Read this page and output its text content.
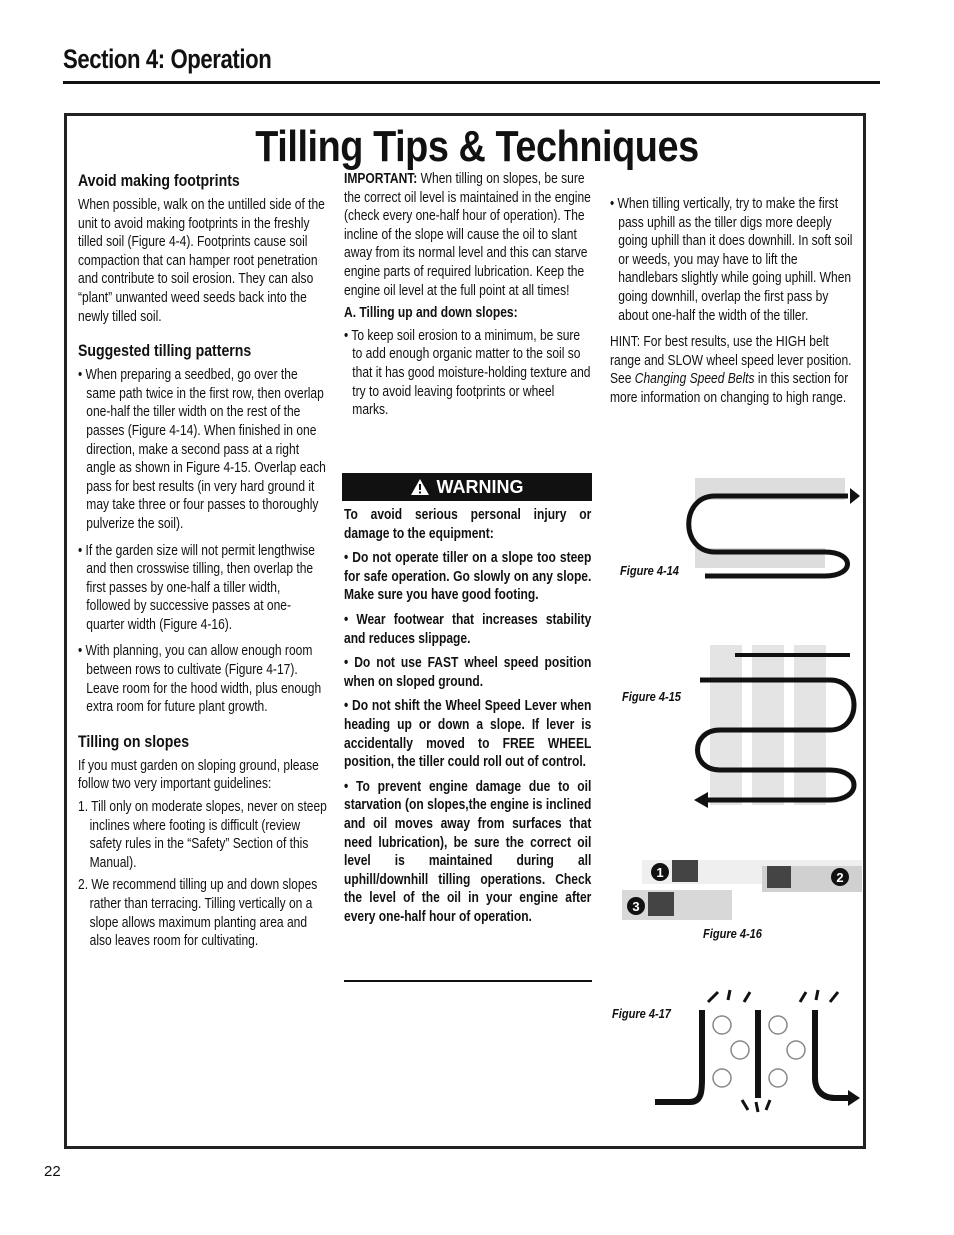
Section 4: Operation
Tilling Tips & Techniques

Avoid making footprints

When possible, walk on the untilled side of the unit to avoid making footprints in the freshly tilled soil (Figure 4-4). Footprints cause soil compaction that can hamper root penetration and contribute to soil erosion. They can also “plant” unwanted weed seeds back into the newly tilled soil.

Suggested tilling patterns

• When preparing a seedbed, go over the same path twice in the first row, then overlap one-half the tiller width on the rest of the passes (Figure 4-14). When finished in one direction, make a second pass at a right angle as shown in Figure 4-15. Overlap each pass for best results (in very hard ground it may take three or four passes to thoroughly pulverize the soil).

• If the garden size will not permit lengthwise and then crosswise tilling, then overlap the first passes by one-half a tiller width, followed by successive passes at one-quarter width (Figure 4-16).

• With planning, you can allow enough room between rows to cultivate (Figure 4-17). Leave room for the hood width, plus enough extra room for future plant growth.

Tilling on slopes

If you must garden on sloping ground, please follow two very important guidelines:

1. Till only on moderate slopes, never on steep inclines where footing is difficult (review safety rules in the “Safety” Section of this Manual).

2. We recommend tilling up and down slopes rather than terracing. Tilling vertically on a slope allows maximum planting area and also leaves room for cultivating.

IMPORTANT: When tilling on slopes, be sure the correct oil level is maintained in the engine (check every one-half hour of operation). The incline of the slope will cause the oil to slant away from its normal level and this can starve engine parts of required lubrication. Keep the engine oil level at the full point at all times!

A. Tilling up and down slopes:

• To keep soil erosion to a minimum, be sure to add enough organic matter to the soil so that it has good moisture-holding texture and try to avoid leaving footprints or wheel marks.

WARNING

To avoid serious personal injury or damage to the equipment:

• Do not operate tiller on a slope too steep for safe operation. Go slowly on any slope. Make sure you have good footing.

• Wear footwear that increases stability and reduces slippage.

• Do not use FAST wheel speed position when on sloped ground.

• Do not shift the Wheel Speed Lever when heading up or down a slope. If lever is accidentally moved to FREE WHEEL position, the tiller could roll out of control.

• To prevent engine damage due to oil starvation (on slopes,the engine is inclined and oil moves away from surfaces that need lubrication), be sure the correct oil level is maintained during all uphill/downhill tilling operations. Check the level of the oil in your engine after every one-half hour of operation.

• When tilling vertically, try to make the first pass uphill as the tiller digs more deeply going uphill than it does downhill. In soft soil or weeds, you may have to lift the handlebars slightly while going uphill. When going downhill, overlap the first pass by about one-half the width of the tiller.

HINT: For best results, use the HIGH belt range and SLOW wheel speed lever position. See Changing Speed Belts in this section for more information on changing to high range.

Figure 4-14
Figure 4-15
1	2
3
Figure 4-16
Figure 4-17
22
